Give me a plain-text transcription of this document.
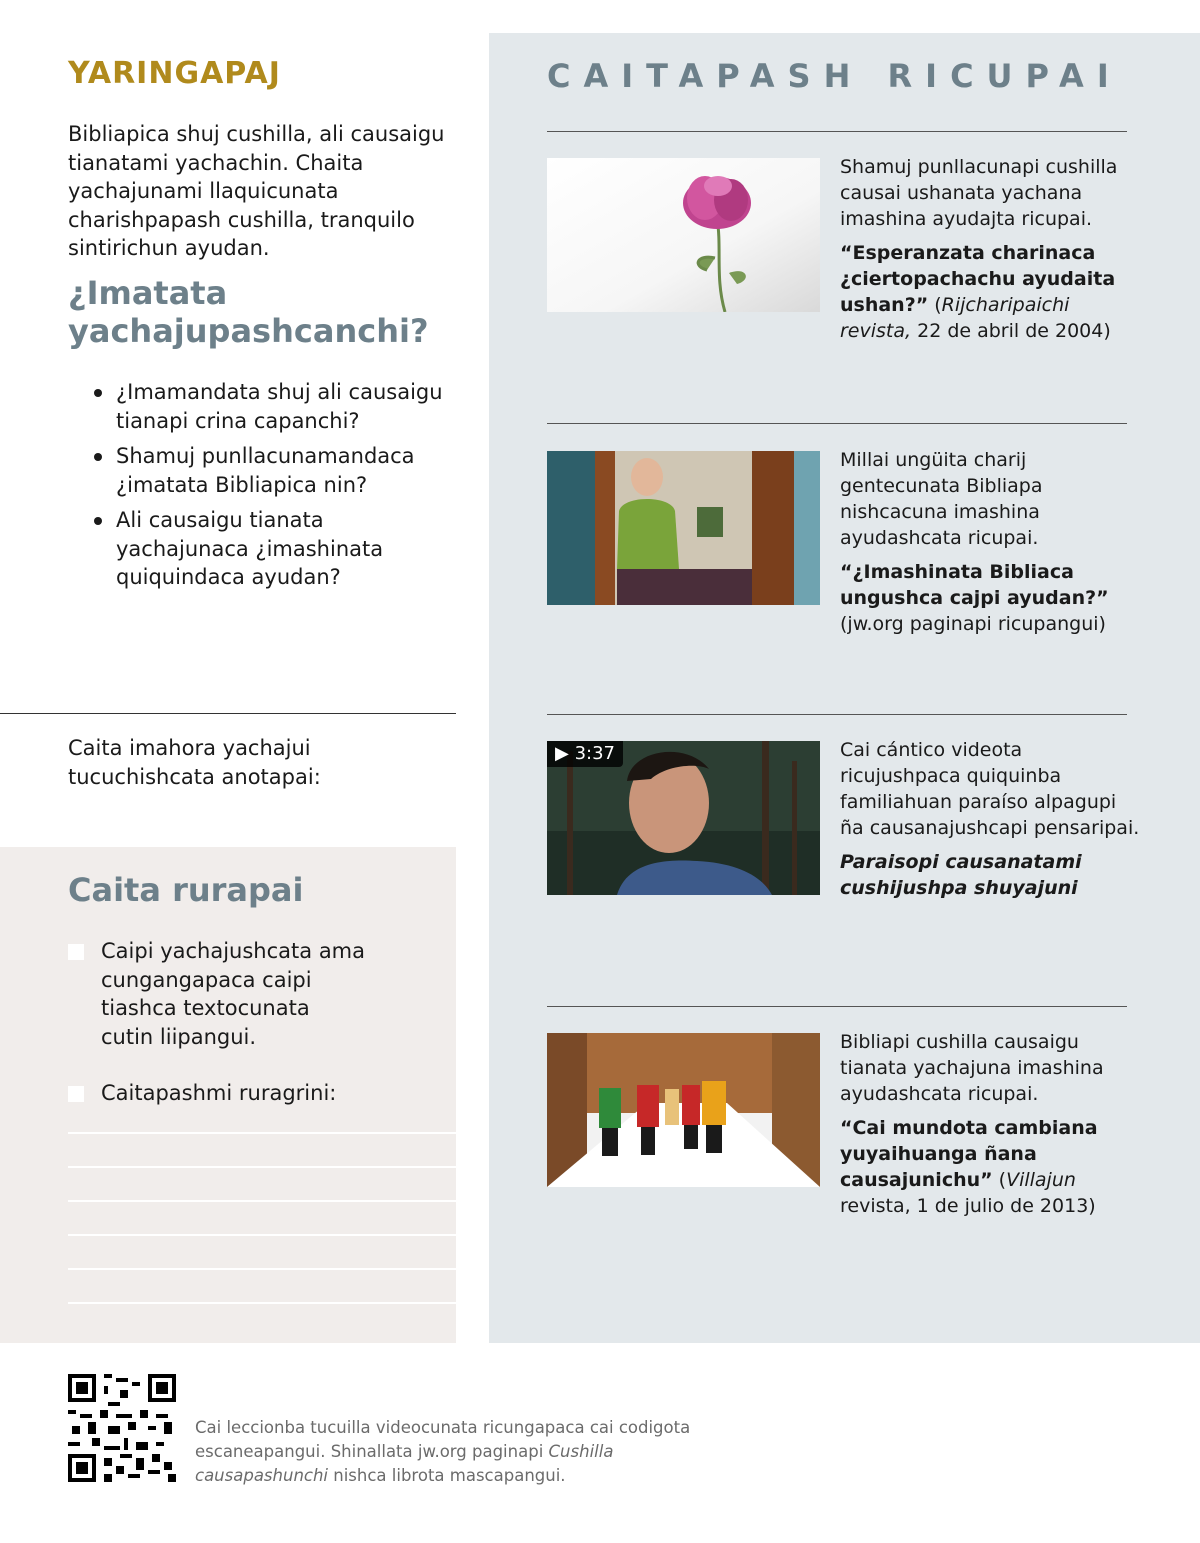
YARINGAPAJ

Bibliapica shuj cushilla, ali causaigu tianatami yachachin. Chaita yachajunami llaquicunata charishpapash cushilla, tranquilo sintirichun ayudan.

¿Imatata yachajupashcanchi?
¿Imamandata shuj ali causaigu tianapi crina capanchi?
Shamuj punllacunamandaca ¿imatata Bibliapica nin?
Ali causaigu tianata yachajunaca ¿imashinata quiquindaca ayudan?

Caita imahora yachajui tucuchishcata anotapai:

Caita rurapai
Caipi yachajushcata ama cungangapaca caipi tiashca textocunata cutin liipangui.
Caitapashmi ruragrini:
CAITAPASH RICUPAI

Shamuj punllacunapi cushilla causai ushanata yachana imashina ayudajta ricupai.

“Esperanzata charinaca ¿ciertopachachu ayudaita ushan?” (Rijcharipaichi revista, 22 de abril de 2004)

Millai ungüita charij gentecunata Bibliapa nishcacuna imashina ayudashcata ricupai.

“¿Imashinata Bibliaca ungushca cajpi ayudan?”

(jw.org paginapi ricupangui)

▶ 3:37	Cai cántico videota ricujushpaca quiquinba familiahuan paraíso alpagupi ña causanajushcapi pensaripai.

Paraisopi causanatami cushijushpa shuyajuni

Bibliapi cushilla causaigu tianata yachajuna imashina ayudashcata ricupai.

“Cai mundota cambiana yuyaihuanga ñana causajunichu” (Villajun revista, 1 de julio de 2013)

Cai leccionba tucuilla videocunata ricungapaca cai codigota escaneapangui. Shinallata jw.org paginapi Cushilla causapashunchi nishca librota mascapangui.
